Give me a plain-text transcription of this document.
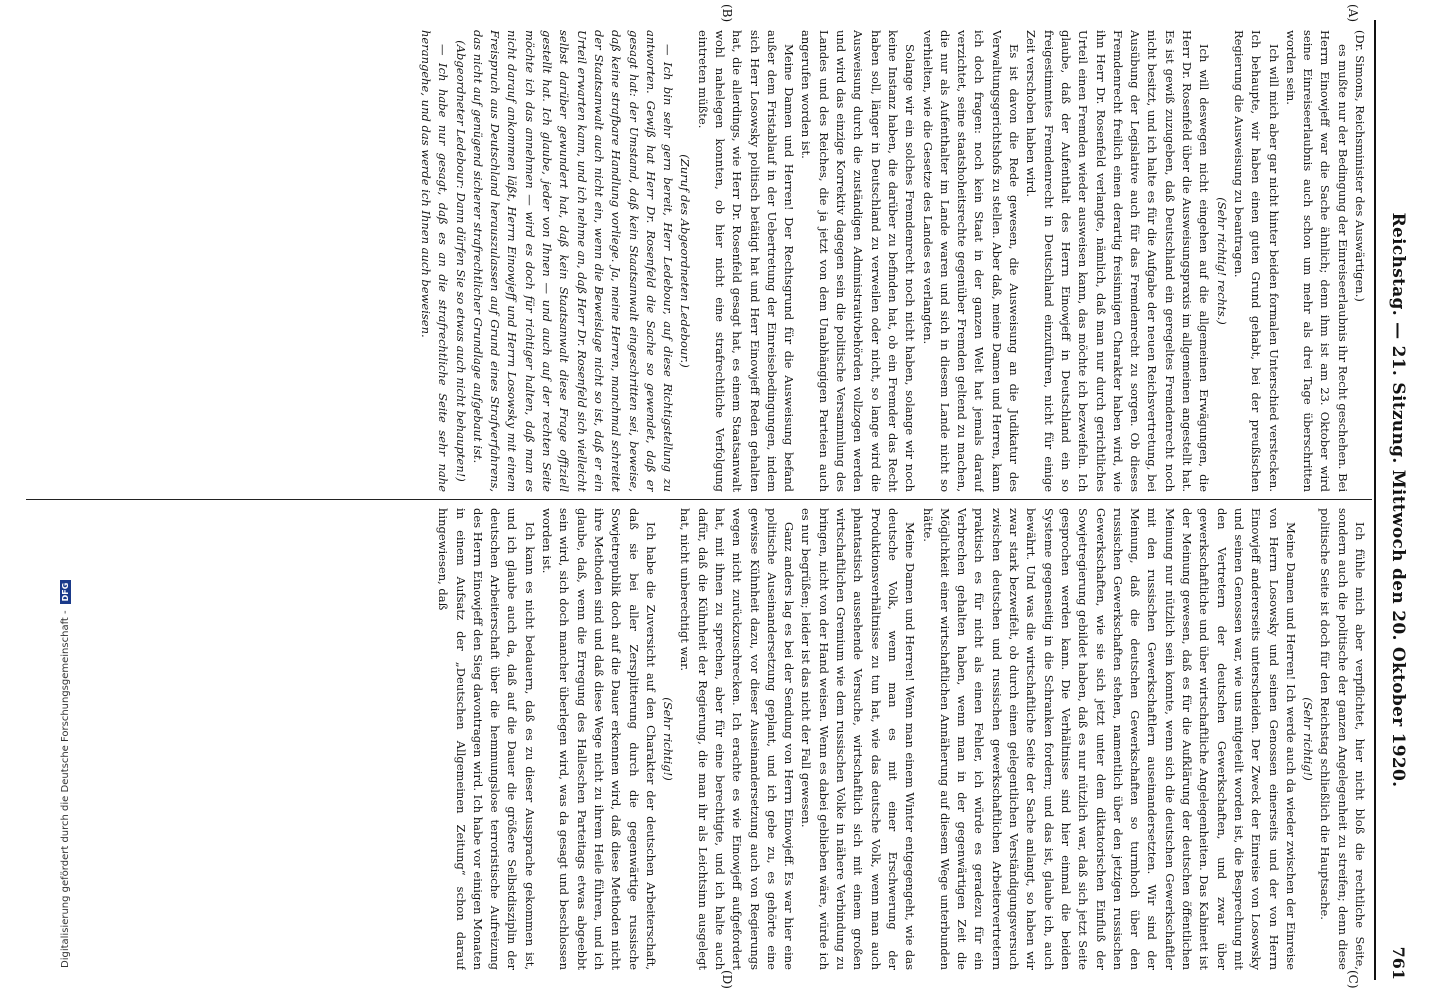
Reichstag. — 21. Sitzung. Mittwoch den 20. Oktober 1920.
761
(A)
(B)
(C)
(D)

(Dr. Simons, Reichsminister des Auswärtigen.)

es mußte nur der Bedingung der Einreiseerlaubnis ihr Recht geschehen. Bei Herrn Einowjeff war die Sache ähnlich; denn ihm ist am 23. Oktober wird seine Einreiseerlaubnis auch schon um mehr als drei Tage überschritten worden sein.

Ich will mich aber gar nicht hinter beiden formalen Unterschied verstecken. Ich behaupte, wir haben einen guten Grund gehabt, bei der preußischen Regierung die Ausweisung zu beantragen.

(Sehr richtig! rechts.)

Ich will deswegen nicht eingehen auf die allgemeinen Erwägungen, die Herr Dr. Rosenfeld über die Ausweisungspraxis im allgemeinen angestellt hat. Es ist gewiß zuzugeben, daß Deutschland ein geregeltes Fremdenrecht noch nicht besitzt, und ich halte es für die Aufgabe der neuen Reichsvertretung, bei Ausübung der Legislative auch für das Fremdenrecht zu sorgen. Ob dieses Fremdenrecht freilich einen derartig freisinnigen Charakter haben wird, wie ihn Herr Dr. Rosenfeld verlangte, nämlich, daß man nur durch gerichtliches Urteil einen Fremden wieder ausweisen kann, das möchte ich bezweifeln. Ich glaube, daß der Aufenthalt des Herrn Einowjeff in Deutschland ein so freigestimmtes Fremdenrecht in Deutschland einzuführen, nicht für einige Zeit verschoben haben wird.

Es ist davon die Rede gewesen, die Ausweisung an die Judikatur des Verwaltungsgerichtshofs zu stellen. Aber daß, meine Damen und Herren, kann ich doch fragen: noch kein Staat in der ganzen Welt hat jemals darauf verzichtet, seine staatshoheitsrechte gegenüber Fremden geltend zu machen, die nur als Aufenthalter im Lande waren und sich in diesem Lande nicht so verhielten, wie die Gesetze des Landes es verlangten.

Solange wir ein solches Fremdenrecht noch nicht haben, solange wir noch keine Instanz haben, die darüber zu befinden hat, ob ein Fremder das Recht haben soll, länger in Deutschland zu verweilen oder nicht, so lange wird die Ausweisung durch die zuständigen Administrativbehörden vollzogen werden und wird das einzige Korrektiv dagegen sein die politische Versammlung des Landes und des Reiches, die ja jetzt von dem Unabhängigen Parteien auch angerufen worden ist.

Meine Damen und Herren! Der Rechtsgrund für die Ausweisung befand außer dem Fristablauf in der Uebertretung der Einreisebedingungen, indem sich Herr Losowsky politisch betätigt hat und Herr Einowjeff Reden gehalten hat, die allerdings, wie Herr Dr. Rosenfeld gesagt hat, es einem Staatsanwalt wohl nahelegen konnten, ob hier nicht eine strafrechtliche Verfolgung eintreten müßte.

(Zuruf des Abgeordneten Ledebour.)

— Ich bin sehr gern bereit, Herr Ledebour, auf diese Richtigstellung zu antworten. Gewiß hat Herr Dr. Rosenfeld die Sache so gewendet, daß er gesagt hat: der Umstand, daß kein Staatsanwalt eingeschritten sei, beweise, daß keine strafbare Handlung vorliege. Ja, meine Herren, manchmal schreitet der Staatsanwalt auch nicht ein, wenn die Beweislage nicht so ist, daß er ein Urteil erwarten kann, und ich nehme an, daß Herr Dr. Rosenfeld sich vielleicht selbst darüber gewundert hat, daß kein Staatsanwalt diese Frage offiziell gestellt hat. Ich glaube, jeder von Ihnen — und auch auf der rechten Seite möchte ich das annehmen — wird es doch für richtiger halten, daß man es nicht darauf ankommen läßt, Herrn Einowjeff und Herrn Losowsky mit einem Freispruch aus Deutschland herauszulassen auf Grund eines Strafverfahrens, das nicht auf genügend sicherer strafrechtlicher Grundlage aufgebaut ist.

(Abgeordneter Ledebour: Dann dürfen Sie so etwas auch nicht behaupten!)

— Ich habe nur gesagt, daß es an die strafrechtliche Seite sehr nahe herangehe, und das werde ich Ihnen auch beweisen.

Ich fühle mich aber verpflichtet, hier nicht bloß die rechtliche Seite, sondern auch die politische der ganzen Angelegenheit zu streifen; denn diese politische Seite ist doch für den Reichstag schließlich die Hauptsache.

(Sehr richtig!)

Meine Damen und Herren! Ich werde auch da wieder zwischen der Einreise von Herrn Losowsky und seinen Genossen einerseits und der von Herrn Einowjeff andererseits unterscheiden. Der Zweck der Einreise von Losowsky und seinen Genossen war, wie uns mitgeteilt worden ist, die Besprechung mit den Vertretern der deutschen Gewerkschaften, und zwar über gewerkschaftliche und über wirtschaftliche Angelegenheiten. Das Kabinett ist der Meinung gewesen, daß es für die Aufklärung der deutschen öffentlichen Meinung nur nützlich sein konnte, wenn sich die deutschen Gewerkschaftler mit den russischen Gewerkschaftlern auseinandersetzten. Wir sind der Meinung, daß die deutschen Gewerkschaften so turmhoch über den russischen Gewerkschaften stehen, namentlich über den jetzigen russischen Gewerkschaften, wie sie sich jetzt unter dem diktatorischen Einfluß der Sowjetregierung gebildet haben, daß es nur nützlich war, daß sich jetzt Seite gesprochen werden kann. Die Verhältnisse sind hier einmal die beiden Systeme gegenseitig in die Schranken fordern; und das ist, glaube ich, auch bewährt. Und was die wirtschaftliche Seite der Sache anlangt, so haben wir zwar stark bezweifelt, ob durch einen gelegentlichen Verständigungsversuch zwischen deutschen und russischen gewerkschaftlichen Arbeitervertretern praktisch es für nicht als einen Fehler, ich würde es geradezu für ein Verbrechen gehalten haben, wenn man in der gegenwärtigen Zeit die Möglichkeit einer wirtschaftlichen Annäherung auf diesem Wege unterbunden hätte.

Meine Damen und Herren! Wenn man einem Winter entgegengeht, wie das deutsche Volk, wenn man es mit einer Erschwerung der Produktionsverhältnisse zu tun hat, wie das deutsche Volk, wenn man auch phantastisch aussehende Versuche, wirtschaftlich sich mit einem großen wirtschaftlichen Gremium wie dem russischen Volke in nähere Verbindung zu bringen, nicht von der Hand weisen. Wenn es dabei geblieben wäre, würde ich es nur begrüßen; leider ist das nicht der Fall gewesen.

Ganz anders lag es bei der Sendung von Herrn Einowjeff. Es war hier eine politische Auseinandersetzung geplant, und ich gebe zu, es gehörte eine gewisse Kühnheit dazu, vor dieser Auseinandersetzung auch von Regierungs wegen nicht zurückzuschrecken. Ich erachte es wie Einowjeff aufgefordert hat, mit ihnen zu sprechen, aber für eine berechtigte, und ich halte auch dafür, daß die Kühnheit der Regierung, die man ihr als Leichtsinn ausgelegt hat, nicht unberechtigt war.

(Sehr richtig!)

Ich habe die Zuversicht auf den Charakter der deutschen Arbeiterschaft, daß sie bei aller Zersplitterung durch die gegenwärtige russische Sowjetrepublik doch auf die Dauer erkennen wird, daß diese Methoden nicht ihre Methoden sind und daß diese Wege nicht zu ihrem Heile führen, und ich glaube, daß, wenn die Erregung des Halleschen Parteitags etwas abgeebbt sein wird, sich doch mancher überlegen wird, was da gesagt und beschlossen worden ist.

Ich kann es nicht bedauern, daß es zu dieser Aussprache gekommen ist, und ich glaube auch da, daß auf die Dauer die größere Selbstdisziplin der deutschen Arbeiterschaft über die hemmungslose terroristische Aufreizung des Herrn Einowjeff den Sieg davontragen wird. Ich habe vor einigen Monaten in einem Aufsatz der „Deutschen Allgemeinen Zeitung“ schon darauf hingewiesen, daß

Digitalisierung gefördert durch die Deutsche Forschungsgemeinschaft -DFG
